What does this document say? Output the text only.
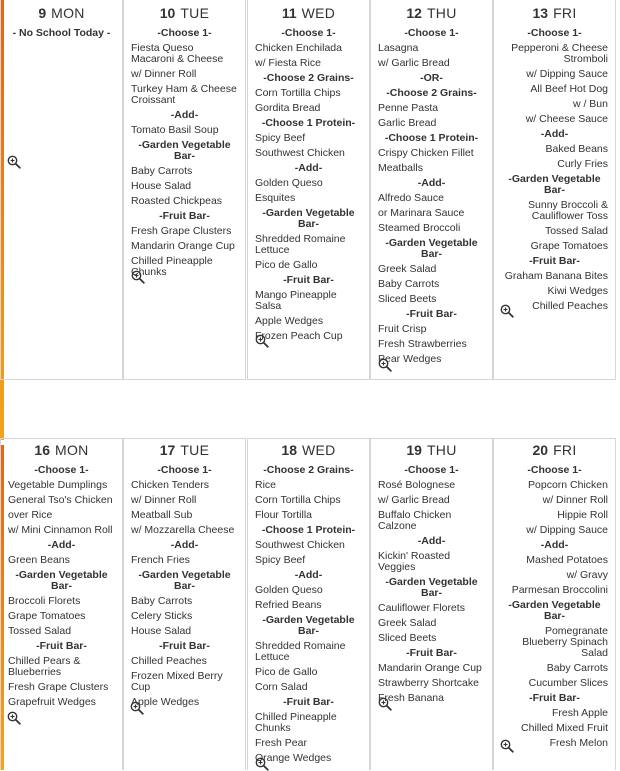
9 MON
- No School Today -
10 TUE
-Choose 1-
Fiesta Queso Macaroni & Cheese
w/ Dinner Roll
Turkey Ham & Cheese Croissant
-Add-
Tomato Basil Soup
-Garden Vegetable Bar-
Baby Carrots
House Salad
Roasted Chickpeas
-Fruit Bar-
Fresh Grape Clusters
Mandarin Orange Cup
Chilled Pineapple Chunks
11 WED
-Choose 1-
Chicken Enchilada
w/ Fiesta Rice
-Choose 2 Grains-
Corn Tortilla Chips
Gordita Bread
-Choose 1 Protein-
Spicy Beef
Southwest Chicken
-Add-
Golden Queso
Esquites
-Garden Vegetable Bar-
Shredded Romaine Lettuce
Pico de Gallo
-Fruit Bar-
Mango Pineapple Salsa
Apple Wedges
Frozen Peach Cup
12 THU
-Choose 1-
Lasagna
w/ Garlic Bread
-OR-
-Choose 2 Grains-
Penne Pasta
Garlic Bread
-Choose 1 Protein-
Crispy Chicken Fillet
Meatballs
-Add-
Alfredo Sauce
or Marinara Sauce
Steamed Broccoli
-Garden Vegetable Bar-
Greek Salad
Baby Carrots
Sliced Beets
-Fruit Bar-
Fruit Crisp
Fresh Strawberries
Pear Wedges
13 FRI
-Choose 1-
Pepperoni & Cheese Stromboli
w/ Dipping Sauce
All Beef Hot Dog
w / Bun
w/ Cheese Sauce
-Add-
Baked Beans
Curly Fries
-Garden Vegetable Bar-
Sunny Broccoli & Cauliflower Toss
Tossed Salad
Grape Tomatoes
-Fruit Bar-
Graham Banana Bites
Kiwi Wedges
Chilled Peaches
16 MON
-Choose 1-
Vegetable Dumplings
General Tso's Chicken
over Rice
w/ Mini Cinnamon Roll
-Add-
Green Beans
-Garden Vegetable Bar-
Broccoli Florets
Grape Tomatoes
Tossed Salad
-Fruit Bar-
Chilled Pears & Blueberries
Fresh Grape Clusters
Grapefruit Wedges
17 TUE
-Choose 1-
Chicken Tenders
w/ Dinner Roll
Meatball Sub
w/ Mozzarella Cheese
-Add-
French Fries
-Garden Vegetable Bar-
Baby Carrots
Celery Sticks
House Salad
-Fruit Bar-
Chilled Peaches
Frozen Mixed Berry Cup
Apple Wedges
18 WED
-Choose 2 Grains-
Rice
Corn Tortilla Chips
Flour Tortilla
-Choose 1 Protein-
Southwest Chicken
Spicy Beef
-Add-
Golden Queso
Refried Beans
-Garden Vegetable Bar-
Shredded Romaine Lettuce
Pico de Gallo
Corn Salad
-Fruit Bar-
Chilled Pineapple Chunks
Fresh Pear
Orange Wedges
19 THU
-Choose 1-
Rosé Bolognese
w/ Garlic Bread
Buffalo Chicken Calzone
-Add-
Kickin' Roasted Veggies
-Garden Vegetable Bar-
Cauliflower Florets
Greek Salad
Sliced Beets
-Fruit Bar-
Mandarin Orange Cup
Strawberry Shortcake
Fresh Banana
20 FRI
-Choose 1-
Popcorn Chicken
w/ Dinner Roll
Hippie Roll
w/ Dipping Sauce
-Add-
Mashed Potatoes
w/ Gravy
Parmesan Broccolini
-Garden Vegetable Bar-
Pomegranate Blueberry Spinach Salad
Baby Carrots
Cucumber Slices
-Fruit Bar-
Fresh Apple
Chilled Mixed Fruit
Fresh Melon
